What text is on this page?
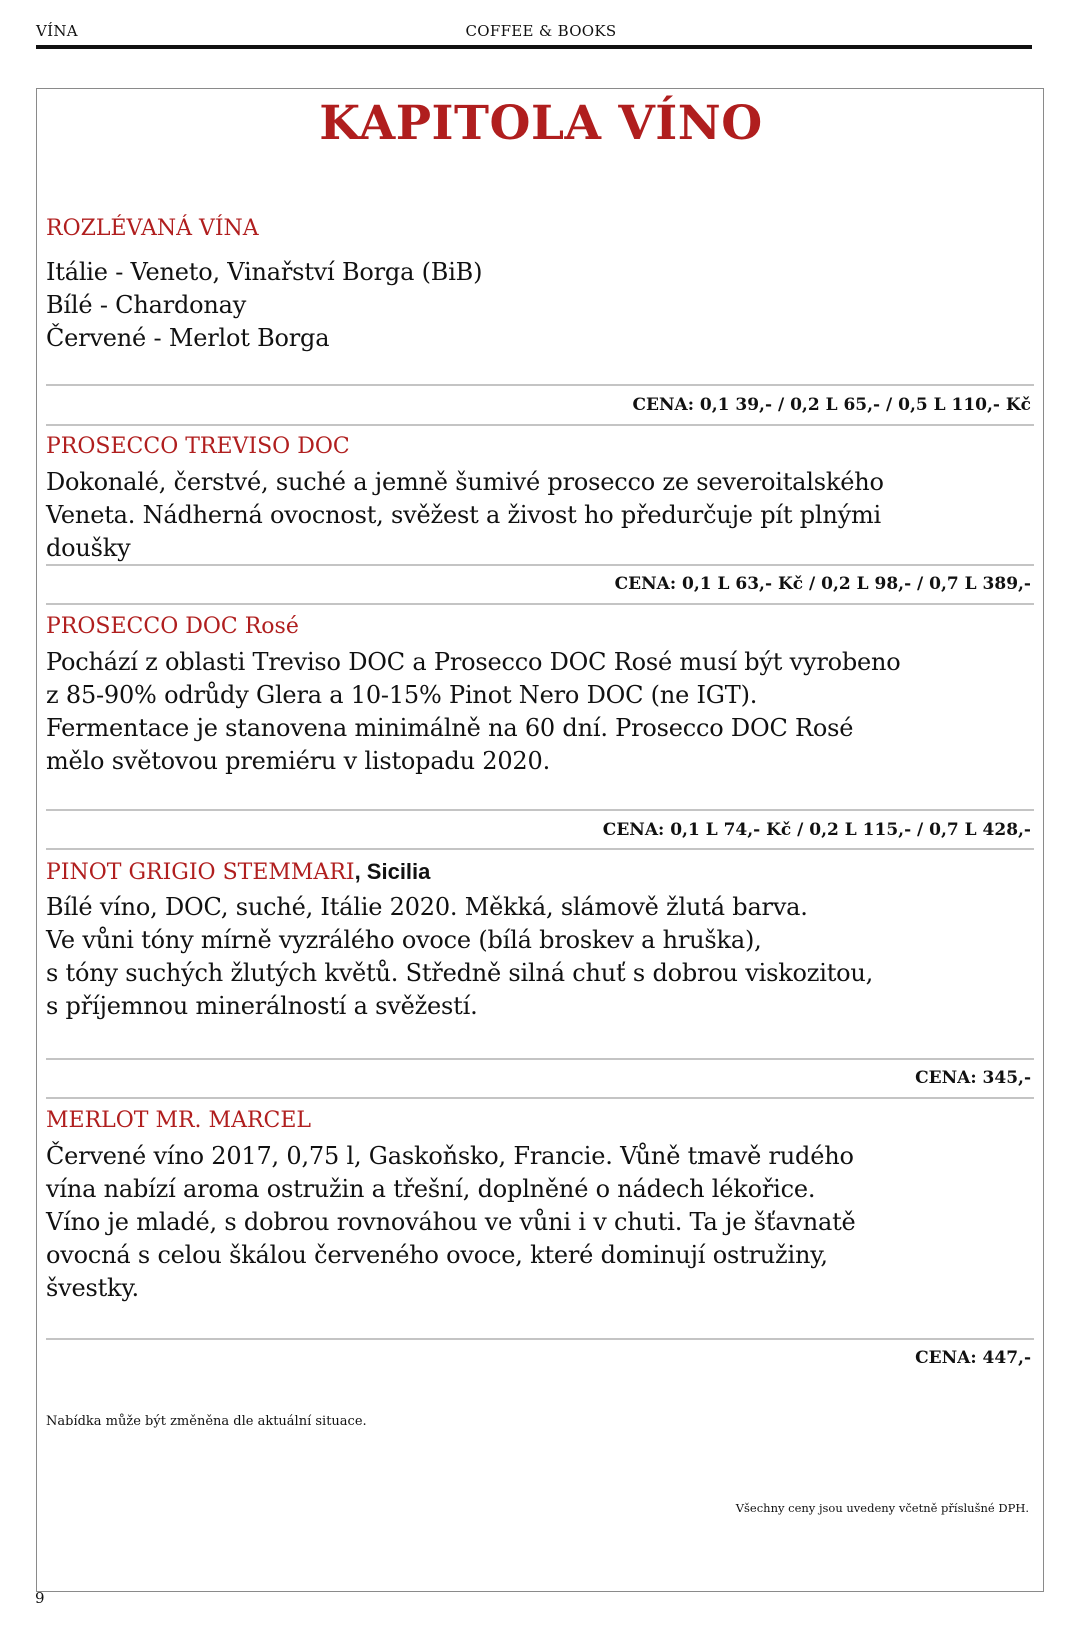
VÍNA	COFFEE & BOOKS
KAPITOLA VÍNO
ROZLÉVANÁ VÍNA
Itálie - Veneto, Vinařství Borga (BiB)
Bílé - Chardonay
Červené - Merlot Borga
CENA: 0,1 39,- / 0,2 L 65,- / 0,5 L 110,- Kč
PROSECCO TREVISO DOC
Dokonalé, čerstvé, suché a jemně šumivé prosecco ze severoitalského
Veneta. Nádherná ovocnost, svěžest a živost ho předurčuje pít plnými
doušky
CENA: 0,1 L 63,- Kč / 0,2 L 98,- / 0,7 L 389,-
PROSECCO DOC Rosé
Pochází z oblasti Treviso DOC a Prosecco DOC Rosé musí být vyrobeno
z 85-90% odrůdy Glera a 10-15% Pinot Nero DOC (ne IGT).
Fermentace je stanovena minimálně na 60 dní. Prosecco DOC Rosé
mělo světovou premiéru v listopadu 2020.
CENA: 0,1 L 74,- Kč / 0,2 L 115,- / 0,7 L 428,-
PINOT GRIGIO STEMMARI, Sicilia
Bílé víno, DOC, suché, Itálie 2020. Měkká, slámově žlutá barva.
Ve vůni tóny mírně vyzrálého ovoce (bílá broskev a hruška),
s tóny suchých žlutých květů. Středně silná chuť s dobrou viskozitou,
s příjemnou minerálností a svěžestí.
CENA: 345,-
MERLOT MR. MARCEL
Červené víno 2017, 0,75 l, Gaskoňsko, Francie. Vůně tmavě rudého
vína nabízí aroma ostružin a třešní, doplněné o nádech lékořice.
Víno je mladé, s dobrou rovnováhou ve vůni i v chuti. Ta je šťavnatě
ovocná s celou škálou červeného ovoce, které dominují ostružiny,
švestky.
CENA: 447,-
Nabídka může být změněna dle aktuální situace.
Všechny ceny jsou uvedeny včetně příslušné DPH.
9
